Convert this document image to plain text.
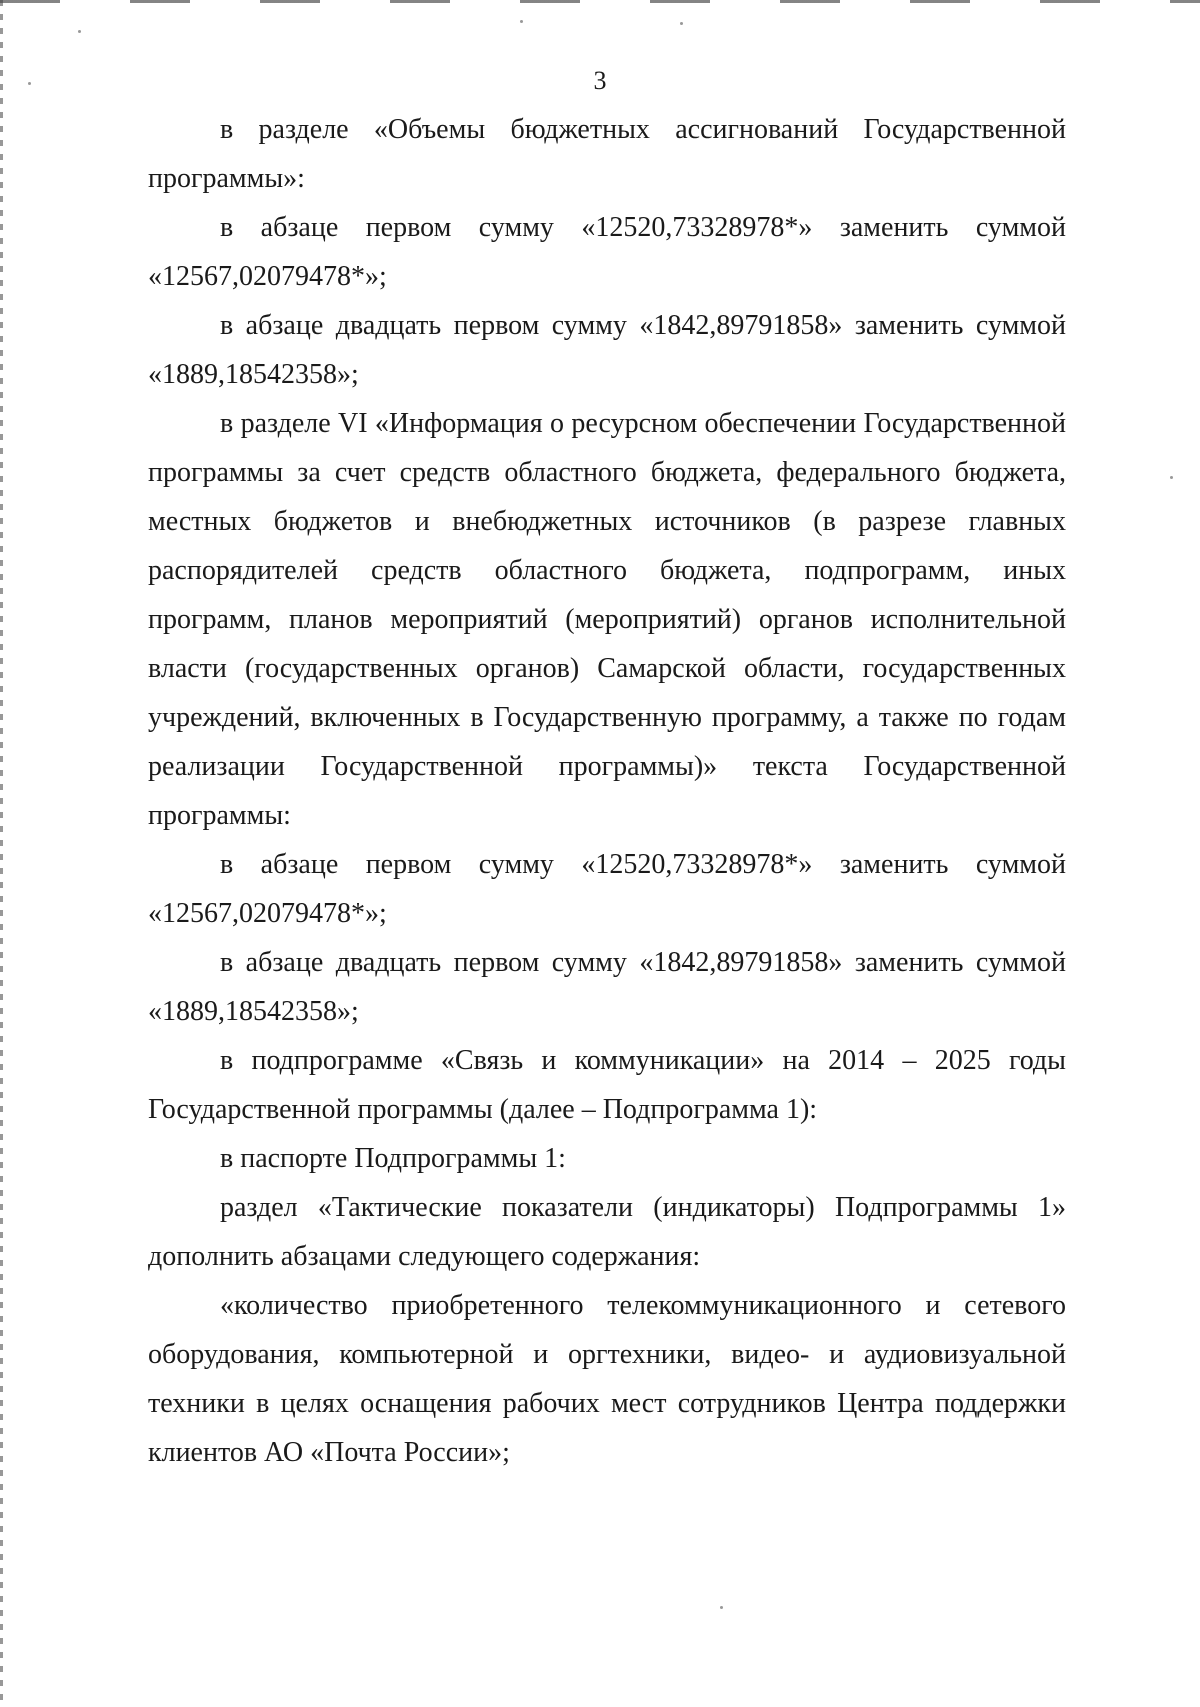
3

в разделе «Объемы бюджетных ассигнований Государственной программы»:

в абзаце первом сумму «12520,73328978*» заменить суммой «12567,02079478*»;

в абзаце двадцать первом сумму «1842,89791858» заменить суммой «1889,18542358»;

в разделе VI «Информация о ресурсном обеспечении Государственной программы за счет средств областного бюджета, федерального бюджета, местных бюджетов и внебюджетных источников (в разрезе главных распорядителей средств областного бюджета, подпрограмм, иных программ, планов мероприятий (мероприятий) органов исполнительной власти (государственных органов) Самарской области, государственных учреждений, включенных в Государственную программу, а также по годам реализации Государственной программы)» текста Государственной программы:

в абзаце первом сумму «12520,73328978*» заменить суммой «12567,02079478*»;

в абзаце двадцать первом сумму «1842,89791858» заменить суммой «1889,18542358»;

в подпрограмме «Связь и коммуникации» на 2014 – 2025 годы Государственной программы (далее – Подпрограмма 1):

в паспорте Подпрограммы 1:

раздел «Тактические показатели (индикаторы) Подпрограммы 1» дополнить абзацами следующего содержания:

«количество приобретенного телекоммуникационного и сетевого оборудования, компьютерной и оргтехники, видео- и аудиовизуальной техники в целях оснащения рабочих мест сотрудников Центра поддержки клиентов АО «Почта России»;
